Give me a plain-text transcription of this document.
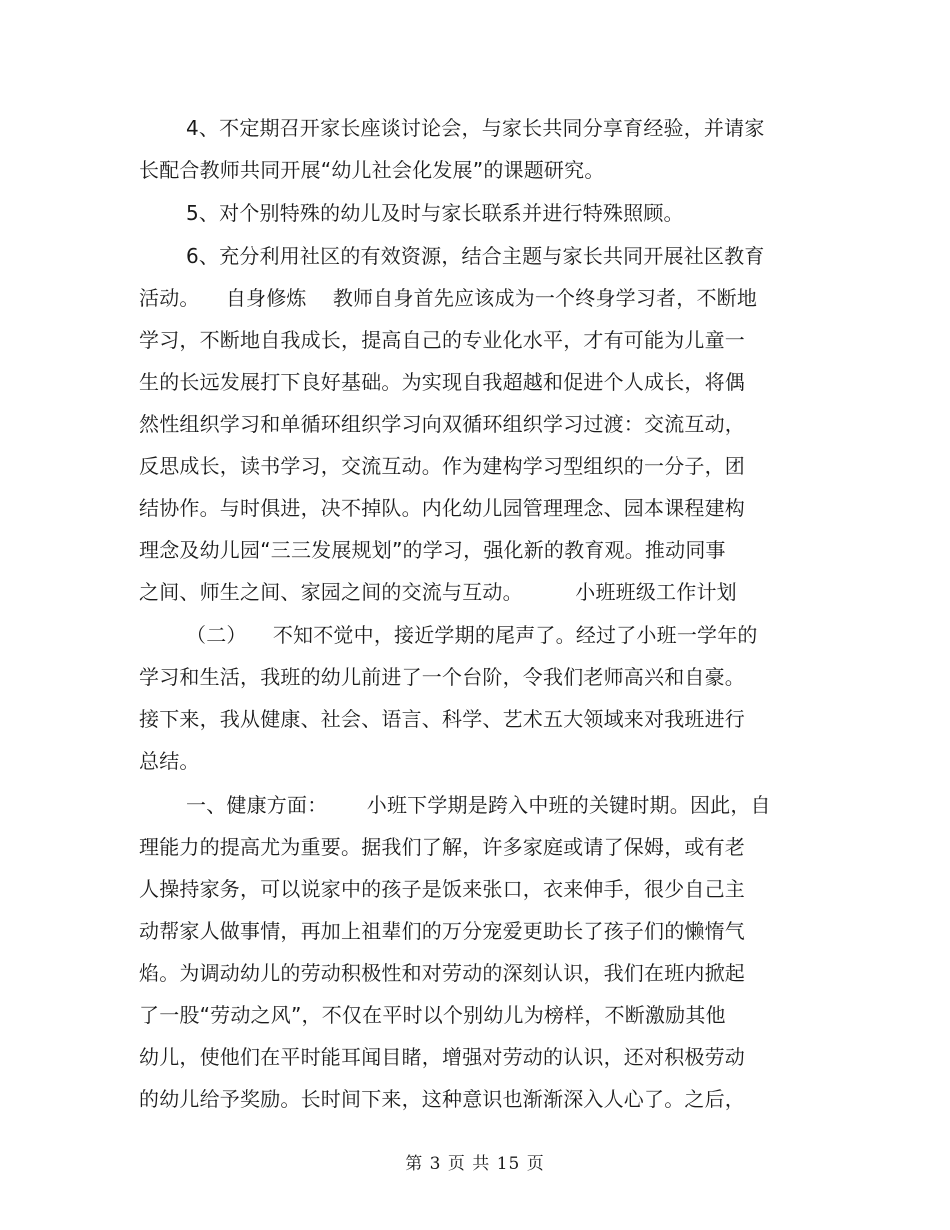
4、不定期召开家长座谈讨论会，与家长共同分享育经验，并请家
长配合教师共同开展“幼儿社会化发展”的课题研究。
5、对个别特殊的幼儿及时与家长联系并进行特殊照顾。
6、充分利用社区的有效资源，结合主题与家长共同开展社区教育
活动。    自身修炼    教师自身首先应该成为一个终身学习者，不断地
学习，不断地自我成长，提高自己的专业化水平，才有可能为儿童一
生的长远发展打下良好基础。为实现自我超越和促进个人成长，将偶
然性组织学习和单循环组织学习向双循环组织学习过渡：交流互动，
反思成长，读书学习，交流互动。作为建构学习型组织的一分子，团
结协作。与时俱进，决不掉队。内化幼儿园管理理念、园本课程建构
理念及幼儿园“三三发展规划”的学习，强化新的教育观。推动同事
之间、师生之间、家园之间的交流与互动。        小班班级工作计划
（二）    不知不觉中，接近学期的尾声了。经过了小班一学年的
学习和生活，我班的幼儿前进了一个台阶，令我们老师高兴和自豪。
接下来，我从健康、社会、语言、科学、艺术五大领域来对我班进行
总结。
一、健康方面：      小班下学期是跨入中班的关键时期。因此，自
理能力的提高尤为重要。据我们了解，许多家庭或请了保姆，或有老
人操持家务，可以说家中的孩子是饭来张口，衣来伸手，很少自己主
动帮家人做事情，再加上祖辈们的万分宠爱更助长了孩子们的懒惰气
焰。为调动幼儿的劳动积极性和对劳动的深刻认识，我们在班内掀起
了一股“劳动之风”，不仅在平时以个别幼儿为榜样，不断激励其他
幼儿，使他们在平时能耳闻目睹，增强对劳动的认识，还对积极劳动
的幼儿给予奖励。长时间下来，这种意识也渐渐深入人心了。之后，
第 3 页 共 15 页
